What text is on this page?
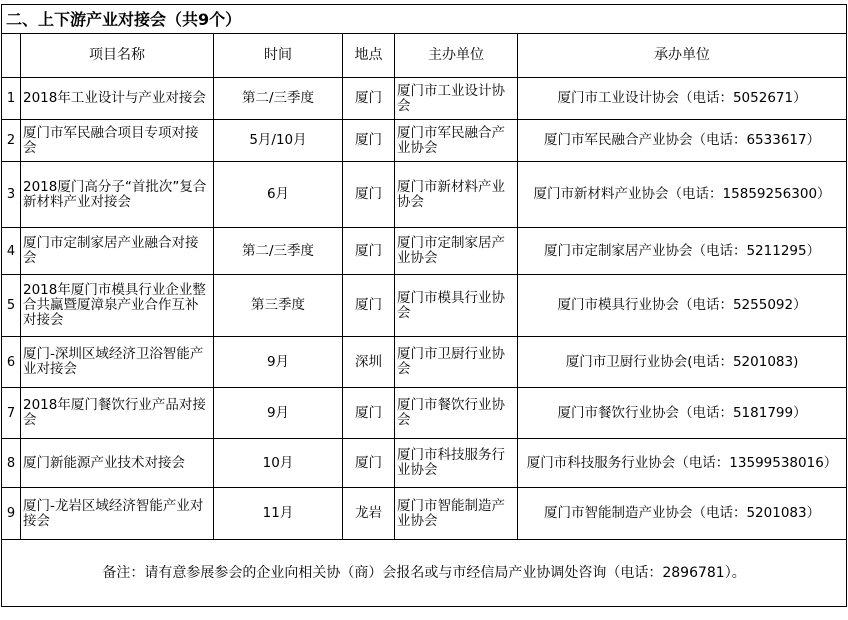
二、上下游产业对接会（共9个）					
	项目名称	时间	地点	主办单位	承办单位
1	2018年工业设计与产业对接会	第二/三季度	厦门	厦门市工业设计协会	厦门市工业设计协会（电话：5052671）
2	厦门市军民融合项目专项对接会	5月/10月	厦门	厦门市军民融合产业协会	厦门市军民融合产业协会（电话：6533617）
3	2018厦门高分子“首批次”复合新材料产业对接会	6月	厦门	厦门市新材料产业协会	厦门市新材料产业协会（电话：15859256300）
4	厦门市定制家居产业融合对接会	第二/三季度	厦门	厦门市定制家居产业协会	厦门市定制家居产业协会（电话：5211295）
5	2018年厦门市模具行业企业整合共赢暨厦漳泉产业合作互补对接会	第三季度	厦门	厦门市模具行业协会	厦门市模具行业协会（电话：5255092）
6	厦门-深圳区域经济卫浴智能产业对接会	9月	深圳	厦门市卫厨行业协会	厦门市卫厨行业协会(电话：5201083)
7	2018年厦门餐饮行业产品对接会	9月	厦门	厦门市餐饮行业协会	厦门市餐饮行业协会（电话：5181799）
8	厦门新能源产业技术对接会	10月	厦门	厦门市科技服务行业协会	厦门市科技服务行业协会（电话：13599538016）
9	厦门-龙岩区域经济智能产业对接会	11月	龙岩	厦门市智能制造产业协会	厦门市智能制造产业协会（电话：5201083）
备注：请有意参展参会的企业向相关协（商）会报名或与市经信局产业协调处咨询（电话：2896781）。					
